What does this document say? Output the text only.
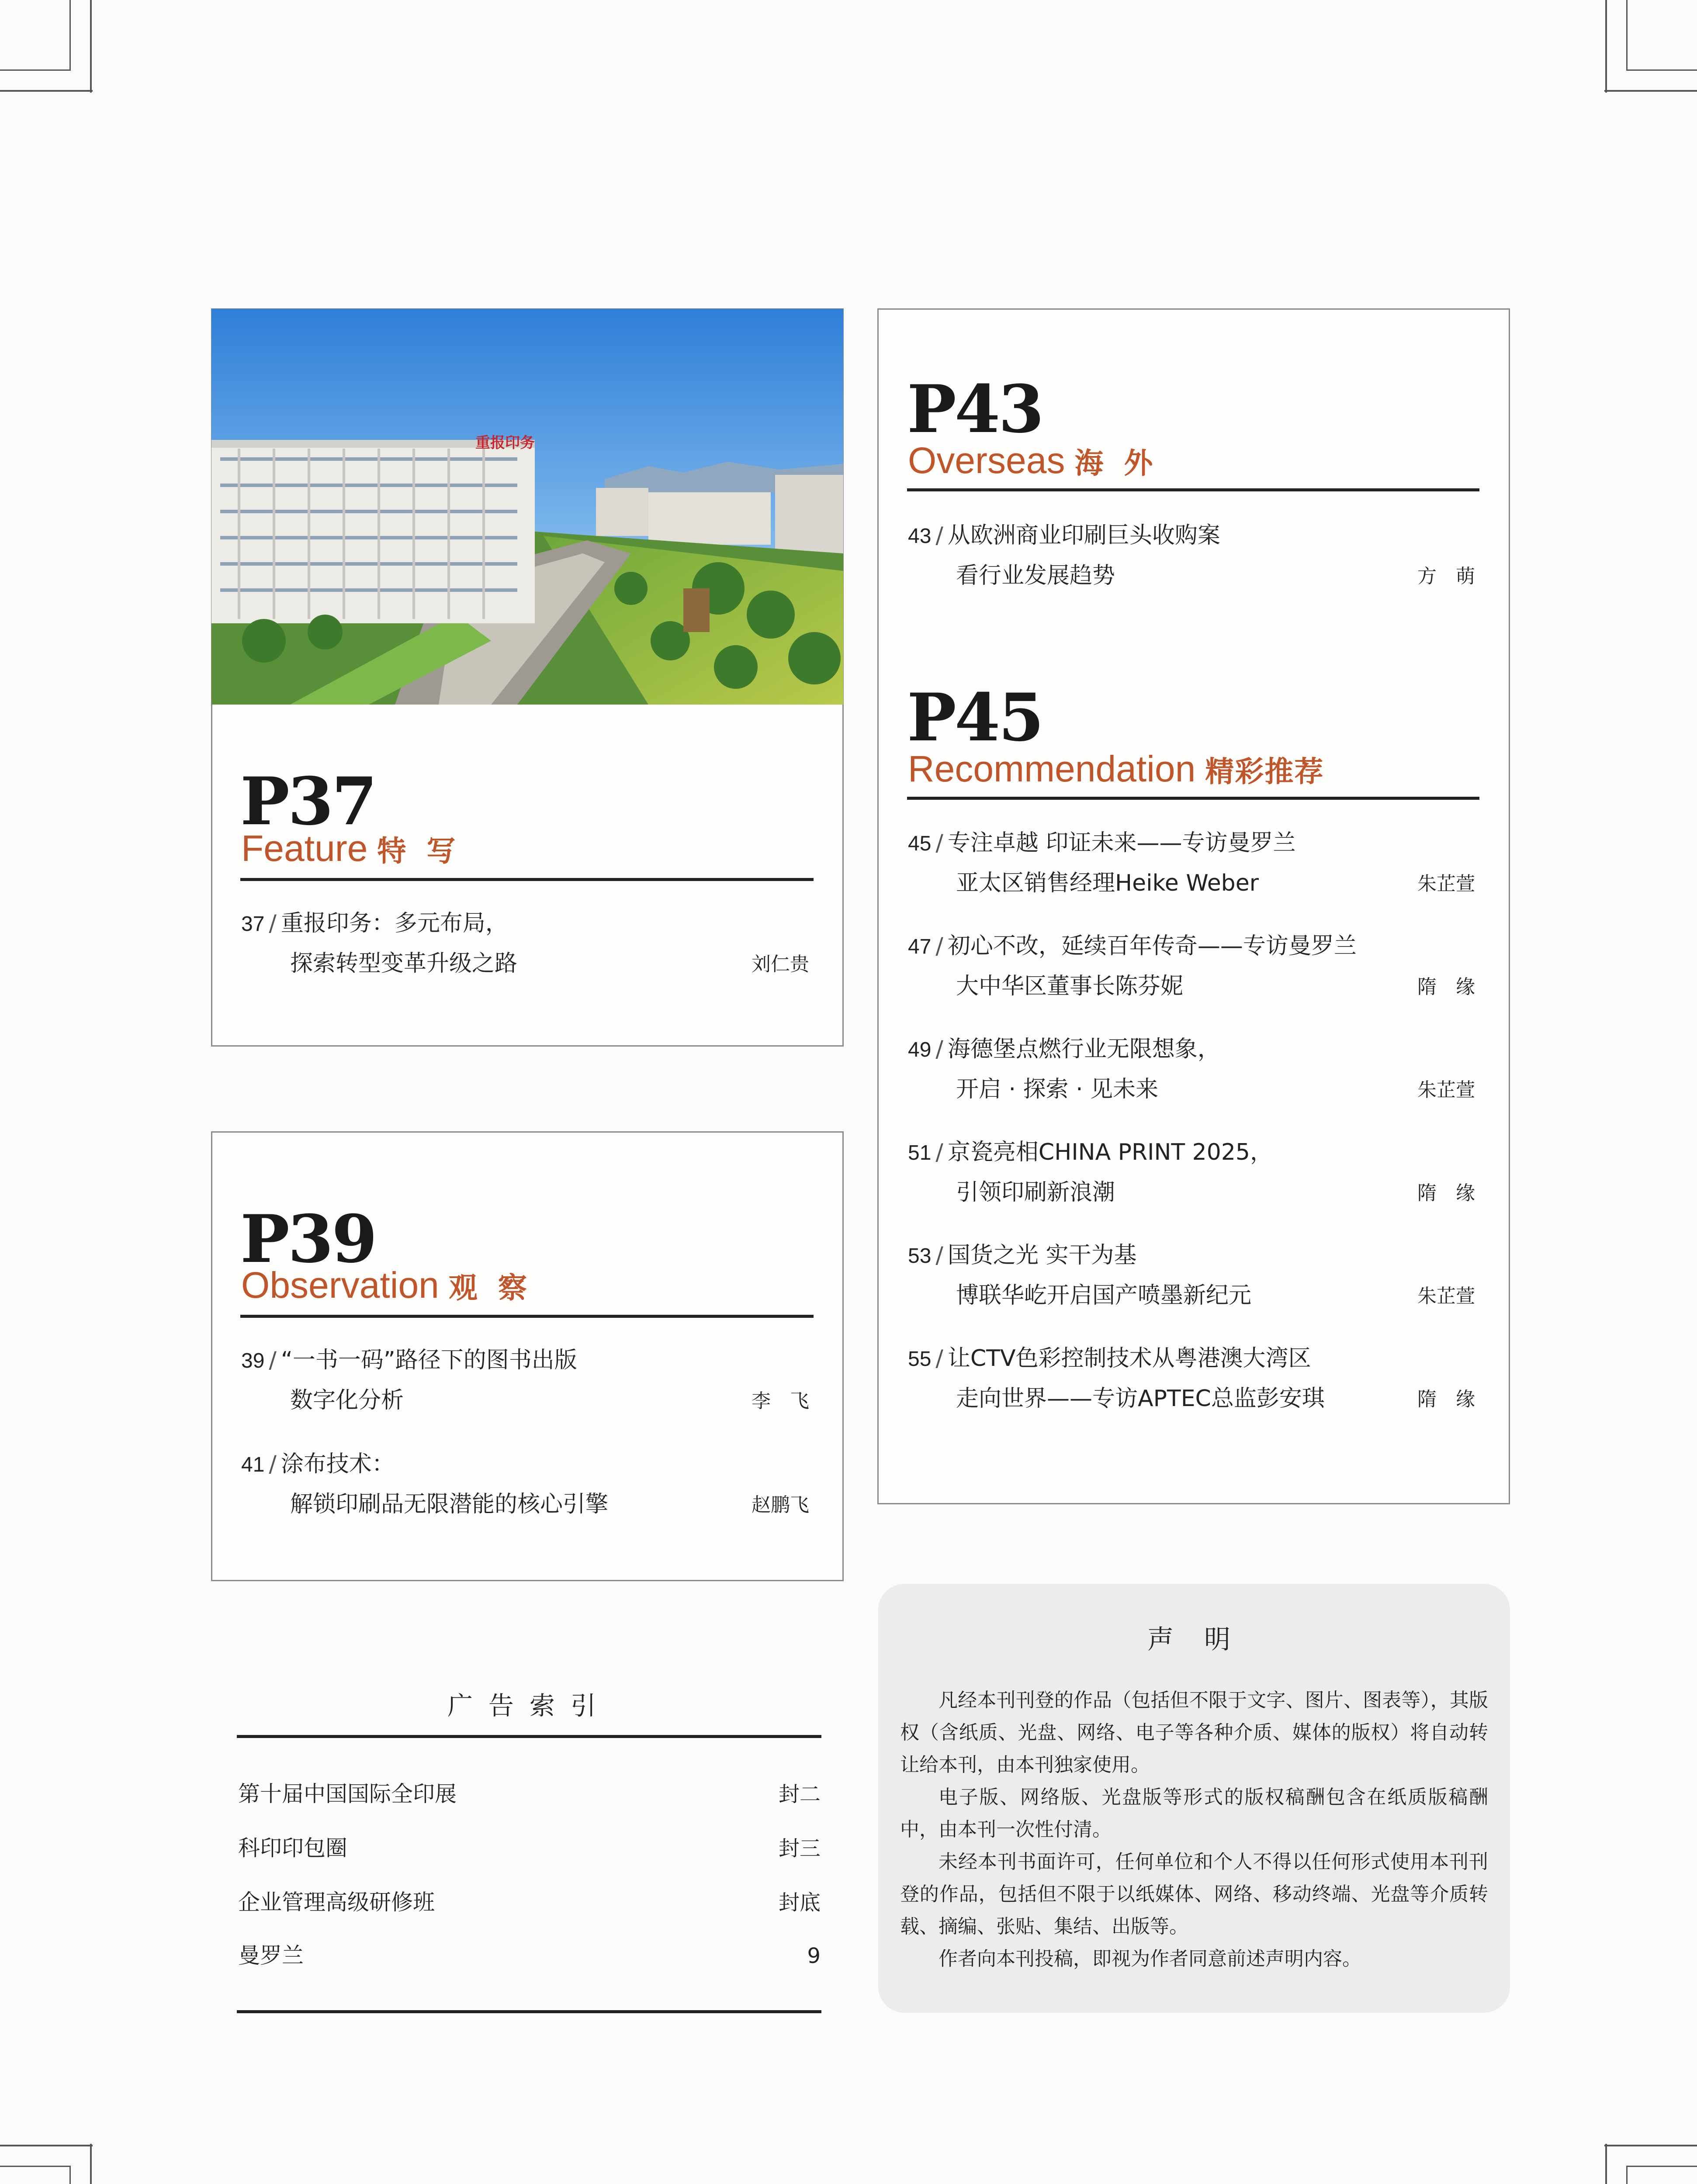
重报印务
P37
Feature 特 写
37 / 重报印务：多元布局，
探索转型变革升级之路	刘仁贵
P39
Observation 观 察
39 / “一书一码”路径下的图书出版
数字化分析	李　飞
41 / 涂布技术：
解锁印刷品无限潜能的核心引擎	赵鹏飞
P43
Overseas 海 外
43 / 从欧洲商业印刷巨头收购案
看行业发展趋势	方　萌
P45
Recommendation 精彩推荐
45 / 专注卓越 印证未来——专访曼罗兰
亚太区销售经理Heike Weber	朱芷萱
47 / 初心不改，延续百年传奇——专访曼罗兰
大中华区董事长陈芬妮	隋　缘
49 / 海德堡点燃行业无限想象，
开启 · 探索 · 见未来	朱芷萱
51 / 京瓷亮相CHINA PRINT 2025，
引领印刷新浪潮	隋　缘
53 / 国货之光 实干为基
博联华屹开启国产喷墨新纪元	朱芷萱
55 / 让CTV色彩控制技术从粤港澳大湾区
走向世界——专访APTEC总监彭安琪	隋　缘
广告索引
第十届中国国际全印展	封二
科印印包圈	封三
企业管理高级研修班	封底
曼罗兰	9
声明
凡经本刊刊登的作品（包括但不限于文字、图片、图表等），其版权（含纸质、光盘、网络、电子等各种介质、媒体的版权）将自动转让给本刊，由本刊独家使用。
电子版、网络版、光盘版等形式的版权稿酬包含在纸质版稿酬中，由本刊一次性付清。
未经本刊书面许可，任何单位和个人不得以任何形式使用本刊刊登的作品，包括但不限于以纸媒体、网络、移动终端、光盘等介质转载、摘编、张贴、集结、出版等。
作者向本刊投稿，即视为作者同意前述声明内容。
